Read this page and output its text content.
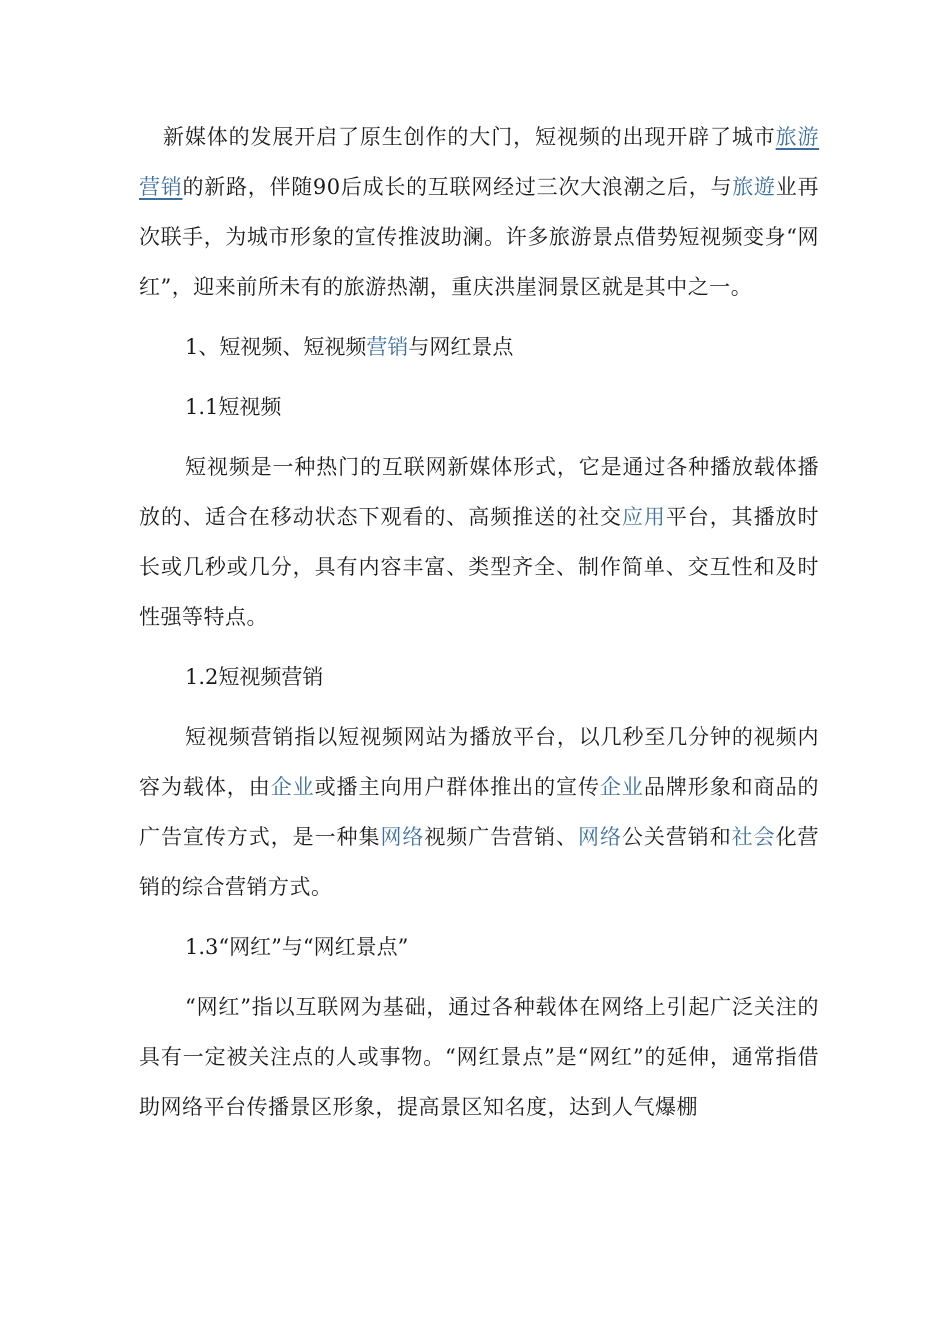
新媒体的发展开启了原生创作的大门，短视频的出现开辟了城市旅游营销的新路，伴随90后成长的互联网经过三次大浪潮之后，与旅遊业再次联手，为城市形象的宣传推波助澜。许多旅游景点借势短视频变身“网红”，迎来前所未有的旅游热潮，重庆洪崖洞景区就是其中之一。

1、短视频、短视频营销与网红景点

1.1短视频

短视频是一种热门的互联网新媒体形式，它是通过各种播放载体播放的、适合在移动状态下观看的、高频推送的社交应用平台，其播放时长或几秒或几分，具有内容丰富、类型齐全、制作简单、交互性和及时性强等特点。

1.2短视频营销

短视频营销指以短视频网站为播放平台，以几秒至几分钟的视频内容为载体，由企业或播主向用户群体推出的宣传企业品牌形象和商品的广告宣传方式，是一种集网络视频广告营销、网络公关营销和社会化营销的综合营销方式。

1.3“网红”与“网红景点”

“网红”指以互联网为基础，通过各种载体在网络上引起广泛关注的具有一定被关注点的人或事物。“网红景点”是“网红”的延伸，通常指借助网络平台传播景区形象，提高景区知名度，达到人气爆棚
